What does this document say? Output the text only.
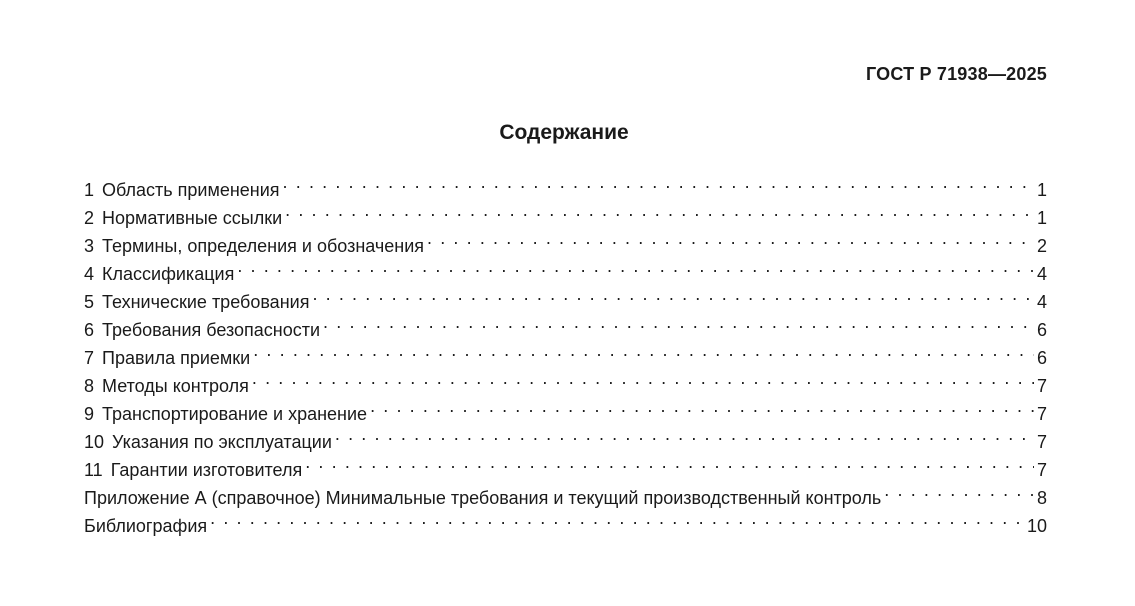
ГОСТ Р 71938—2025
Содержание
1 Область применения . . .	1
2 Нормативные ссылки . . .	1
3 Термины, определения и обозначения . . .	2
4 Классификация . . .	4
5 Технические требования . . .	4
6 Требования безопасности . . .	6
7 Правила приемки . . .	6
8 Методы контроля . . .	7
9 Транспортирование и хранение . . .	7
10 Указания по эксплуатации . . .	7
11 Гарантии изготовителя . . .	7
Приложение А (справочное) Минимальные требования и текущий производственный контроль . . .	8
Библиография . . .	10
